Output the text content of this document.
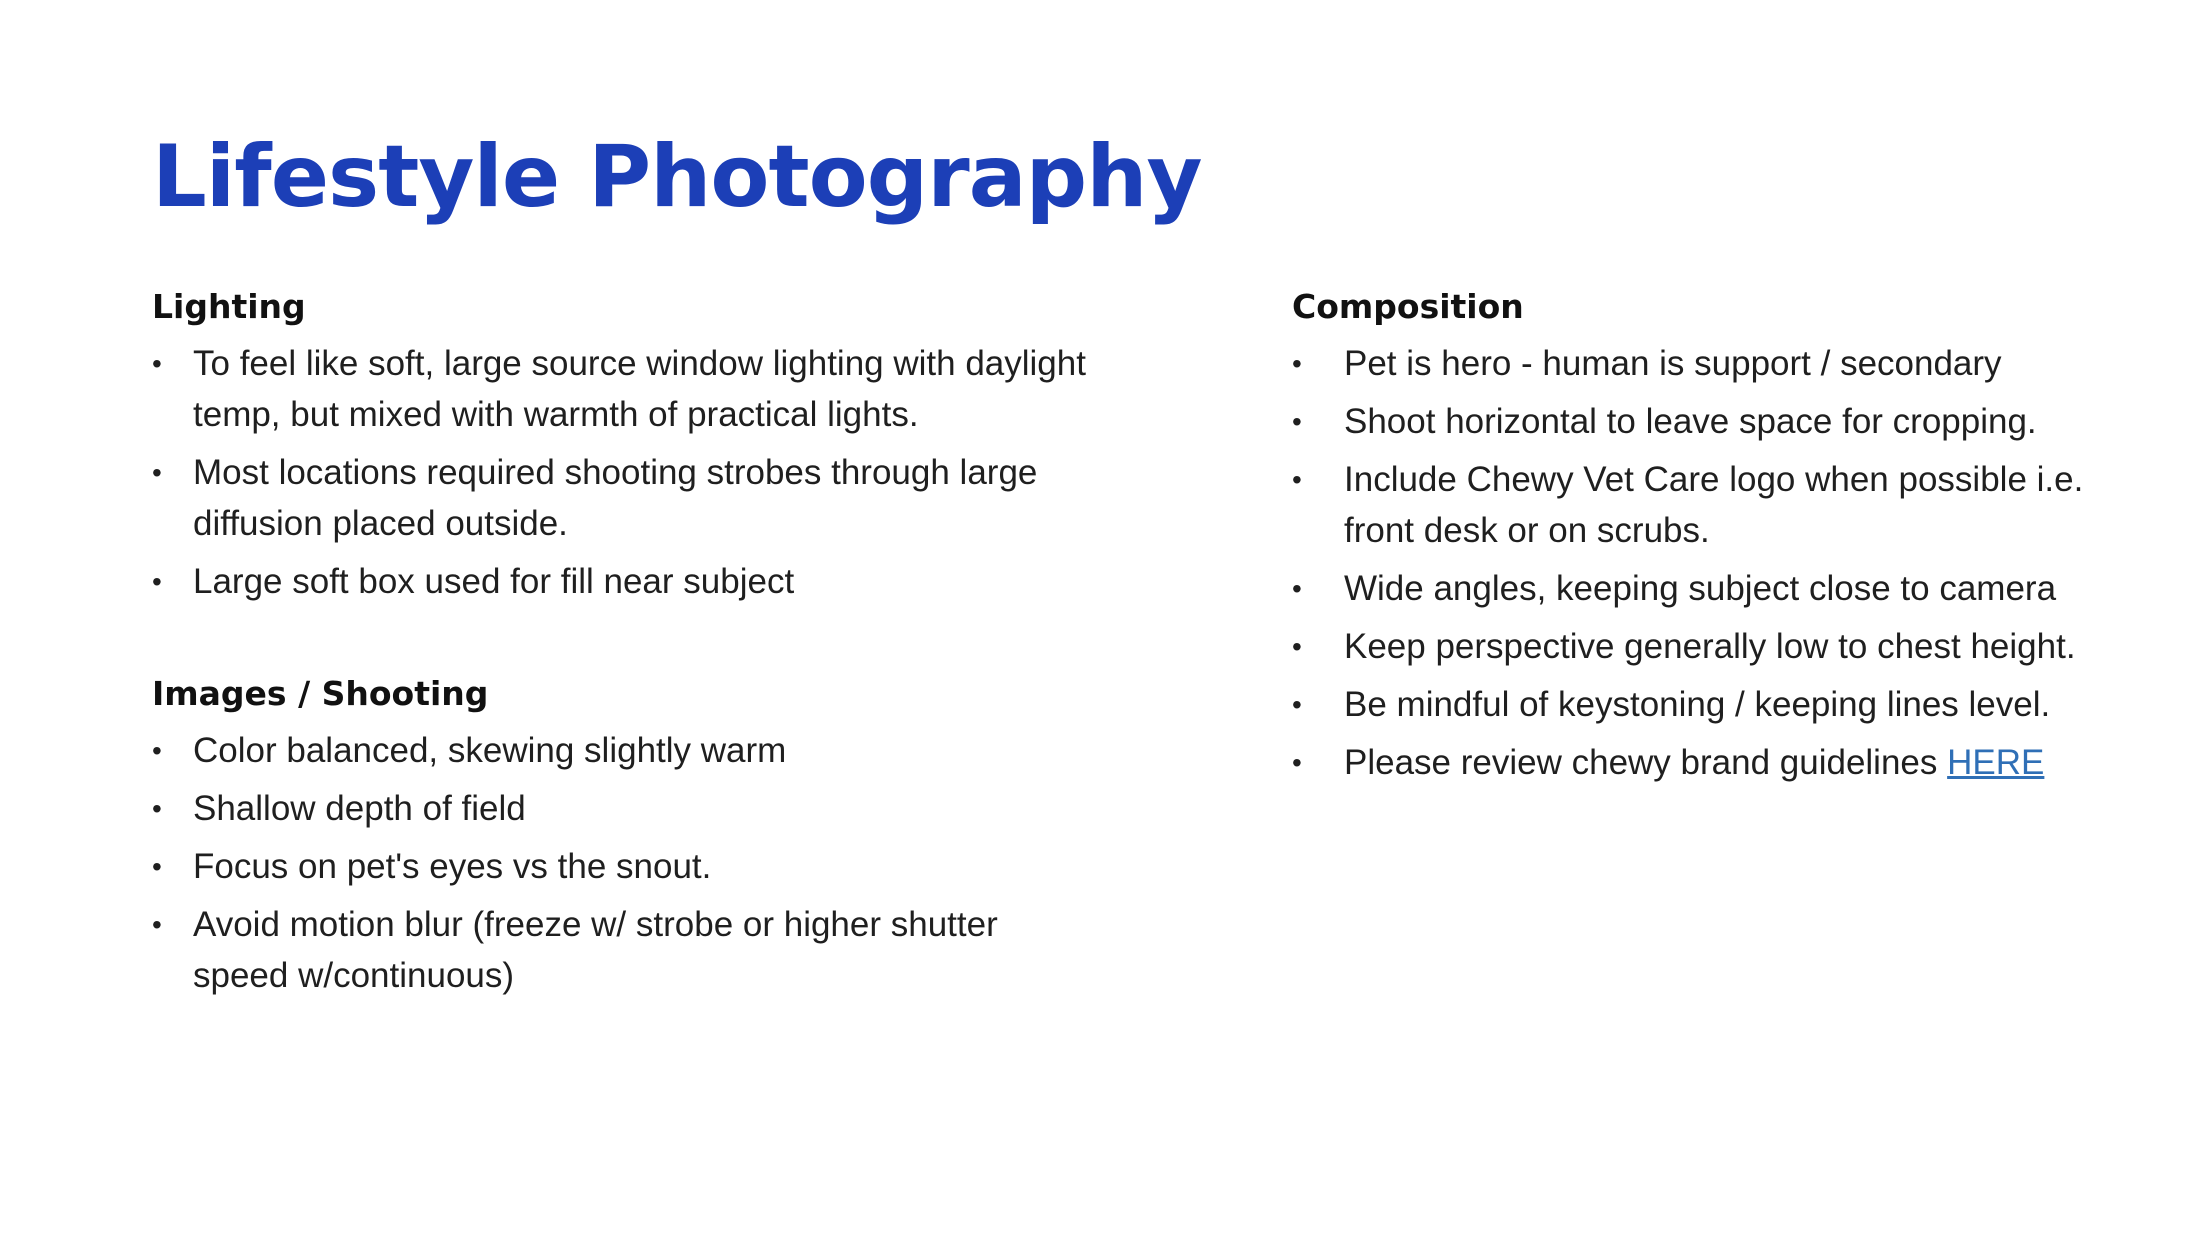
Lifestyle Photography
Lighting
• To feel like soft, large source window lighting with daylight temp, but mixed with warmth of practical lights.
• Most locations required shooting strobes through large diffusion placed outside.
• Large soft box used for fill near subject
Images / Shooting
• Color balanced, skewing slightly warm
• Shallow depth of field
• Focus on pet's eyes vs the snout.
• Avoid motion blur (freeze w/ strobe or higher shutter speed w/continuous)
Composition
• Pet is hero - human is support / secondary
• Shoot horizontal to leave space for cropping.
• Include Chewy Vet Care logo when possible i.e. front desk or on scrubs.
• Wide angles, keeping subject close to camera
• Keep perspective generally low to chest height.
• Be mindful of keystoning / keeping lines level.
• Please review chewy brand guidelines HERE
